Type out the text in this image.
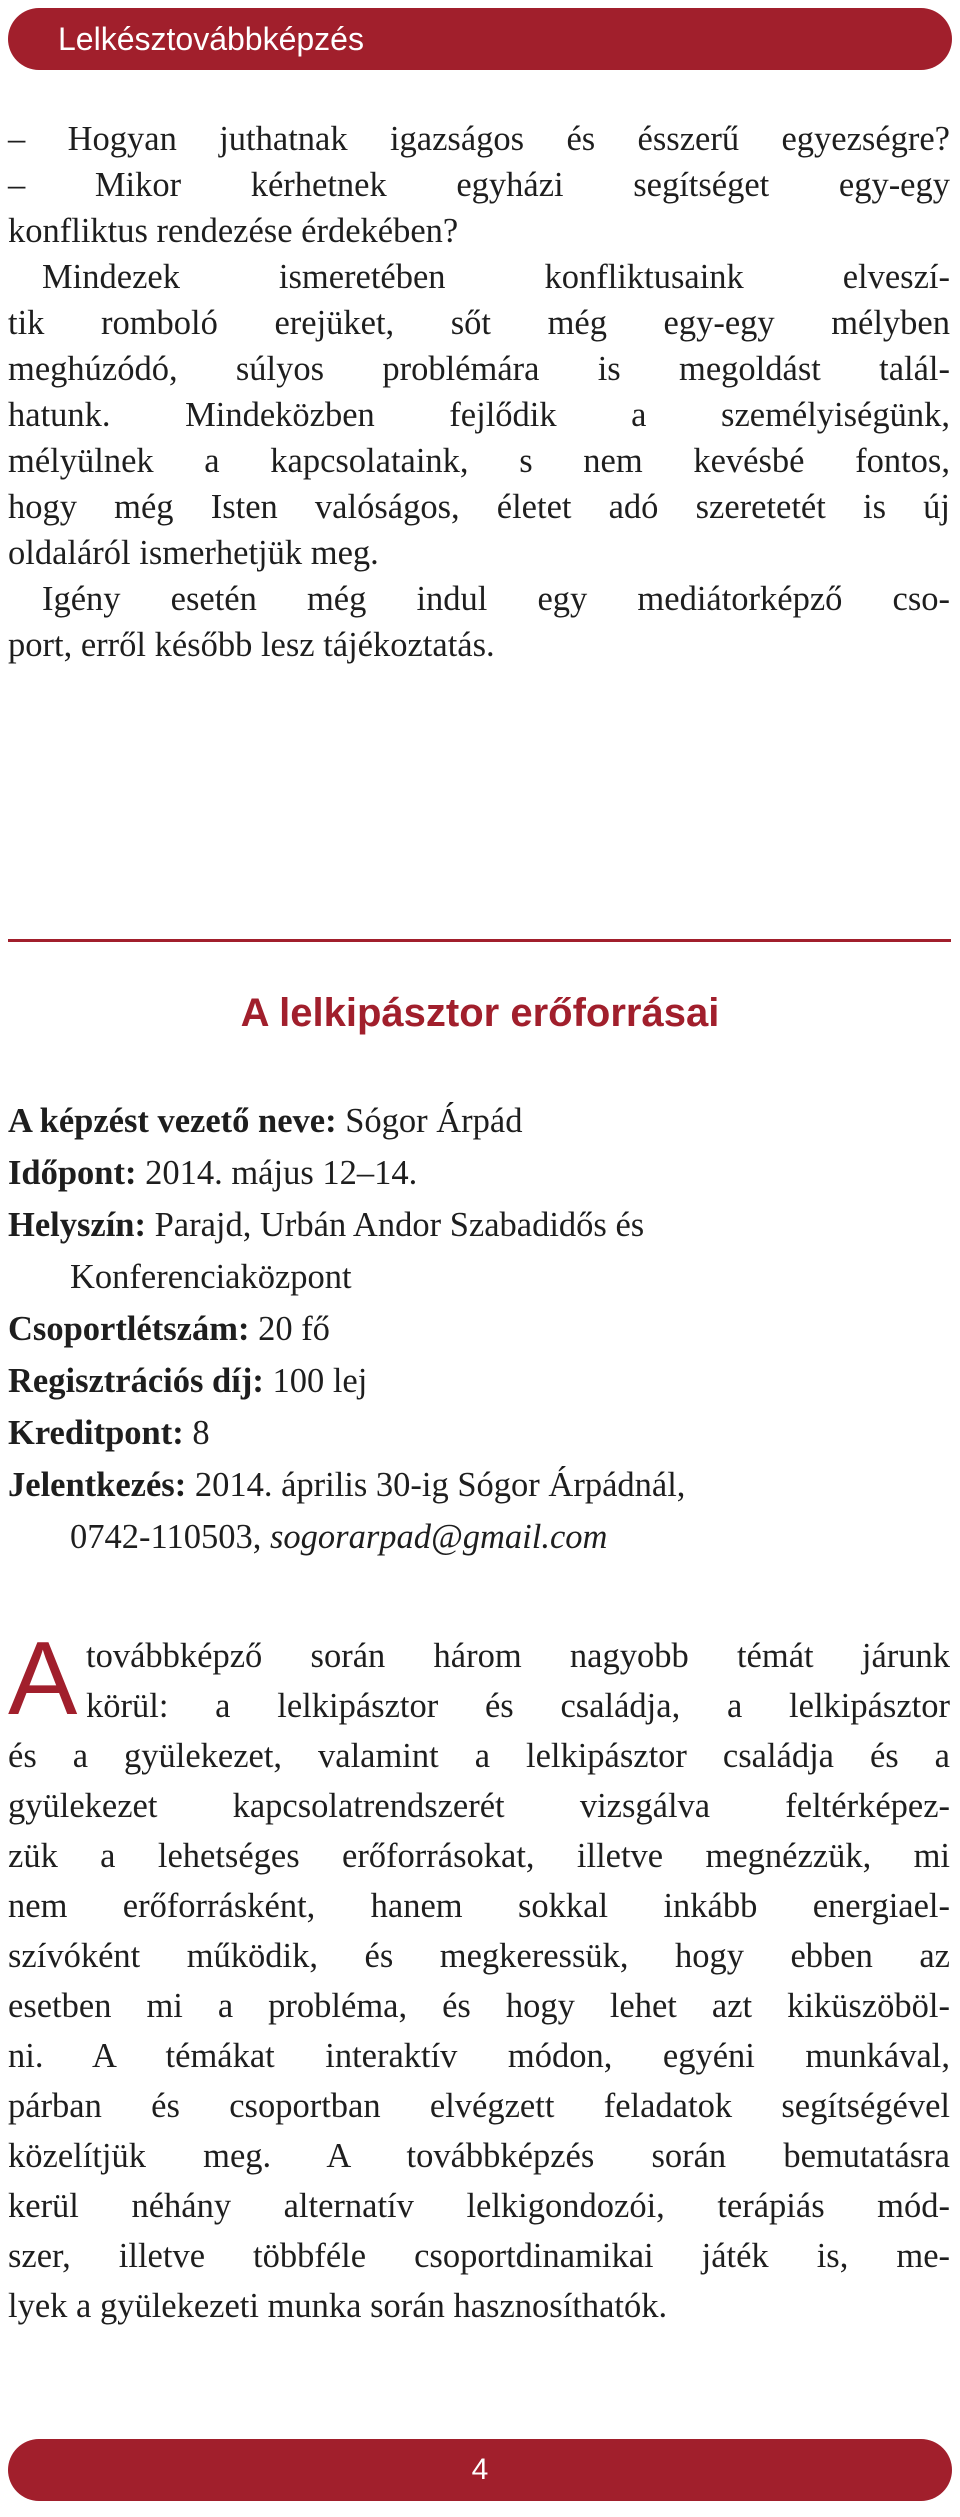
Lelkésztovábbképzés
– Hogyan juthatnak igazságos és ésszerű egyezségre?
– Mikor kérhetnek egyházi segítséget egy-egy
konfliktus rendezése érdekében?
Mindezek ismeretében konfliktusaink elveszí-
tik romboló erejüket, sőt még egy-egy mélyben
meghúzódó, súlyos problémára is megoldást talál-
hatunk. Mindeközben fejlődik a személyiségünk,
mélyülnek a kapcsolataink, s nem kevésbé fontos,
hogy még Isten valóságos, életet adó szeretetét is új
oldaláról ismerhetjük meg.
Igény esetén még indul egy mediátorképző cso-
port, erről később lesz tájékoztatás.
A lelkipásztor erőforrásai
A képzést vezető neve: Sógor Árpád
Időpont: 2014. május 12–14.
Helyszín: Parajd, Urbán Andor Szabadidős és
Konferenciaközpont
Csoportlétszám: 20 fő
Regisztrációs díj: 100 lej
Kreditpont: 8
Jelentkezés: 2014. április 30-ig Sógor Árpádnál,
0742-110503, sogorarpad@gmail.com
A továbbképző során három nagyobb témát járunk
körül: a lelkipásztor és családja, a lelkipásztor
és a gyülekezet, valamint a lelkipásztor családja és a
gyülekezet kapcsolatrendszerét vizsgálva feltérképez-
zük a lehetséges erőforrásokat, illetve megnézzük, mi
nem erőforrásként, hanem sokkal inkább energiael-
szívóként működik, és megkeressük, hogy ebben az
esetben mi a probléma, és hogy lehet azt kiküszöböl-
ni. A témákat interaktív módon, egyéni munkával,
párban és csoportban elvégzett feladatok segítségével
közelítjük meg. A továbbképzés során bemutatásra
kerül néhány alternatív lelkigondozói, terápiás mód-
szer, illetve többféle csoportdinamikai játék is, me-
lyek a gyülekezeti munka során hasznosíthatók.
4
